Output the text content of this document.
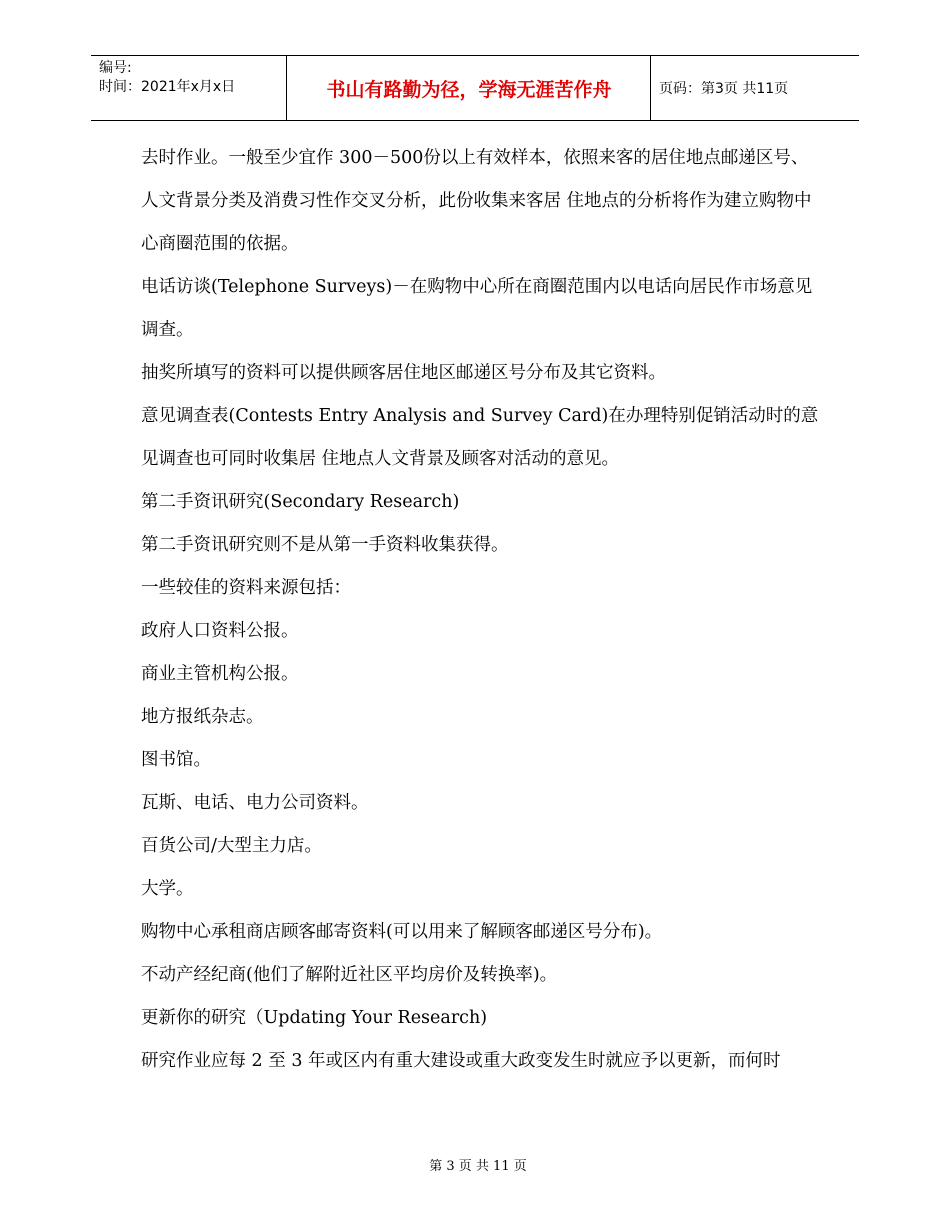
编号:
时间：2021年x月x日	书山有路勤为径，学海无涯苦作舟	页码：第3页 共11页

去时作业。一般至少宜作 300－500份以上有效样本，依照来客的居住地点邮递区号、人文背景分类及消费习性作交叉分析，此份收集来客居 住地点的分析将作为建立购物中心商圈范围的依据。

电话访谈(Telephone Surveys)－在购物中心所在商圈范围内以电话向居民作市场意见调查。

抽奖所填写的资料可以提供顾客居住地区邮递区号分布及其它资料。

意见调查表(Contests Entry Analysis and Survey Card)在办理特别促销活动时的意见调查也可同时收集居 住地点人文背景及顾客对活动的意见。

第二手资讯研究(Secondary Research)

第二手资讯研究则不是从第一手资料收集获得。

一些较佳的资料来源包括：

政府人口资料公报。

商业主管机构公报。

地方报纸杂志。

图书馆。

瓦斯、电话、电力公司资料。

百货公司/大型主力店。

大学。

购物中心承租商店顾客邮寄资料(可以用来了解顾客邮递区号分布)。

不动产经纪商(他们了解附近社区平均房价及转换率)。

更新你的研究（Updating Your Research)

研究作业应每 2 至 3 年或区内有重大建设或重大政变发生时就应予以更新，而何时

第 3 页 共 11 页
